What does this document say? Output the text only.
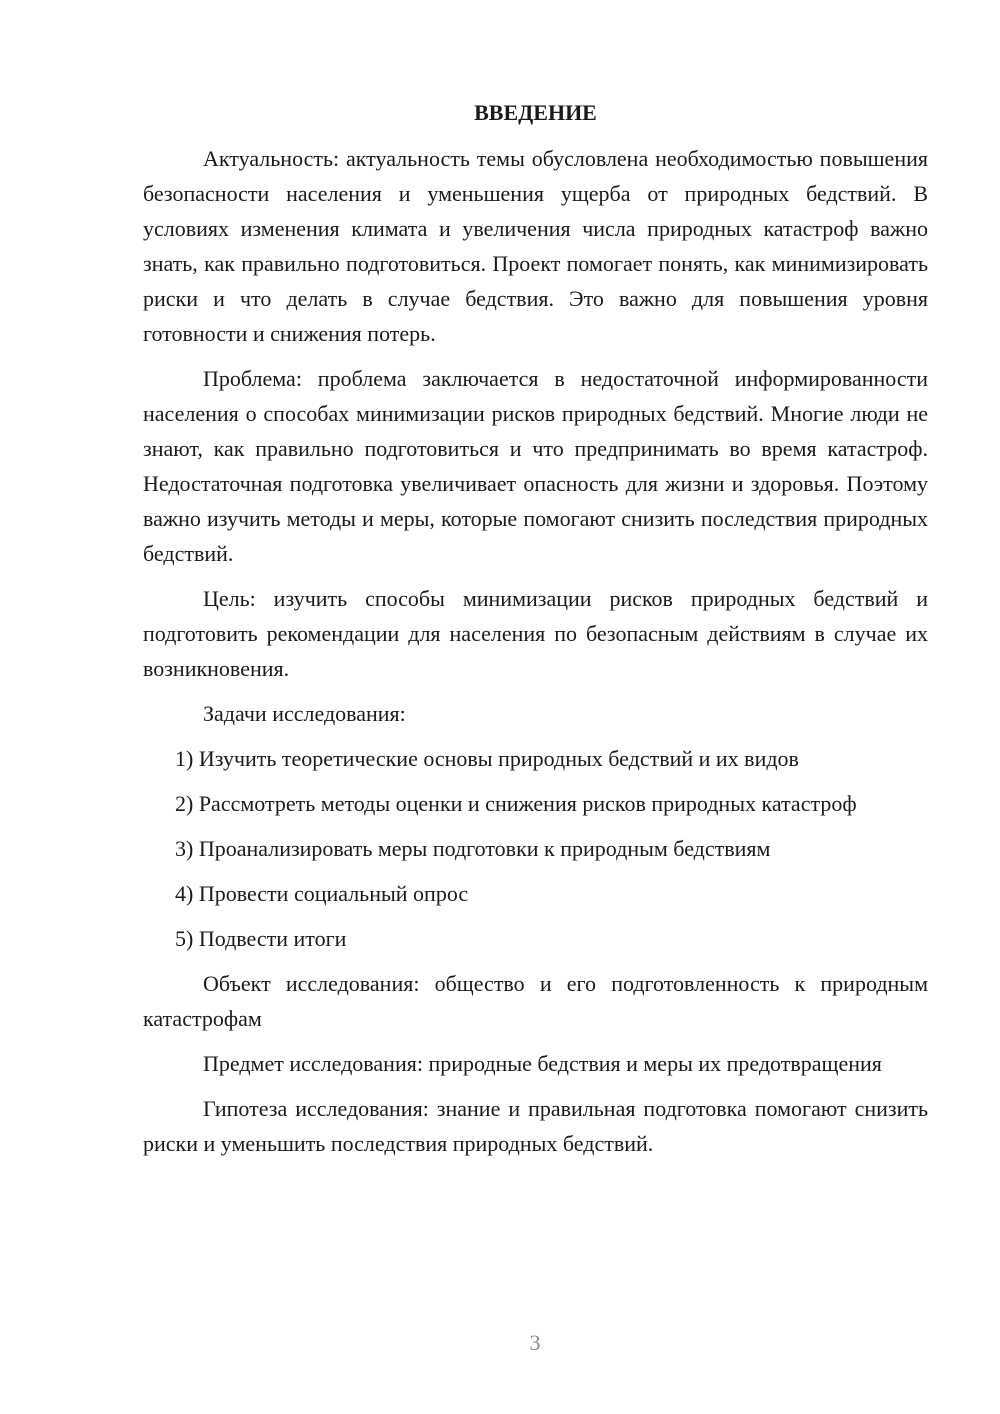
ВВЕДЕНИЕ

Актуальность: актуальность темы обусловлена необходимостью повышения безопасности населения и уменьшения ущерба от природных бедствий. В условиях изменения климата и увеличения числа природных катастроф важно знать, как правильно подготовиться. Проект помогает понять, как минимизировать риски и что делать в случае бедствия. Это важно для повышения уровня готовности и снижения потерь.

Проблема: проблема заключается в недостаточной информированности населения о способах минимизации рисков природных бедствий. Многие люди не знают, как правильно подготовиться и что предпринимать во время катастроф. Недостаточная подготовка увеличивает опасность для жизни и здоровья. Поэтому важно изучить методы и меры, которые помогают снизить последствия природных бедствий.

Цель: изучить способы минимизации рисков природных бедствий и подготовить рекомендации для населения по безопасным действиям в случае их возникновения.

Задачи исследования:

1) Изучить теоретические основы природных бедствий и их видов

2) Рассмотреть методы оценки и снижения рисков природных катастроф

3) Проанализировать меры подготовки к природным бедствиям

4) Провести социальный опрос

5) Подвести итоги

Объект исследования: общество и его подготовленность к природным катастрофам

Предмет исследования: природные бедствия и меры их предотвращения

Гипотеза исследования: знание и правильная подготовка помогают снизить риски и уменьшить последствия природных бедствий.

3
